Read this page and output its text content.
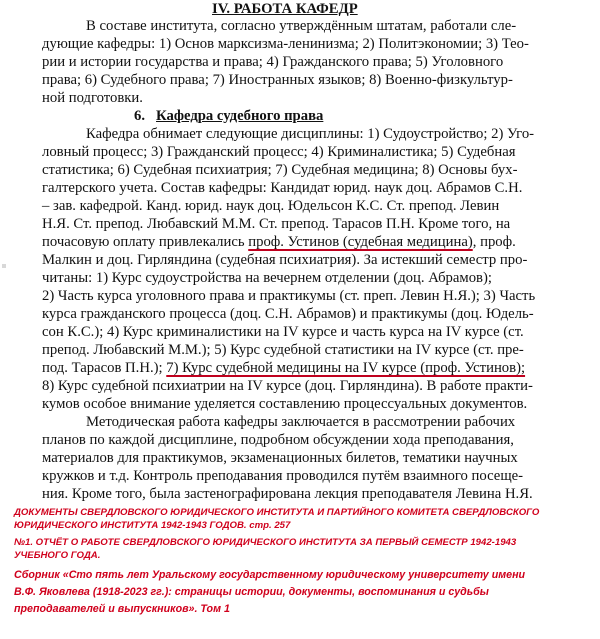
IV. РАБОТА КАФЕДР
В составе института, согласно утверждённым штатам, работали сле-
дующие кафедры: 1) Основ марксизма-ленинизма; 2) Политэкономии; 3) Тео-
рии и истории государства и права; 4) Гражданского права; 5) Уголовного
права; 6) Судебного права; 7) Иностранных языков; 8) Военно-физкультур-
ной подготовки.
6. Кафедра судебного права
Кафедра обнимает следующие дисциплины: 1) Судоустройство; 2) Уго-
ловный процесс; 3) Гражданский процесс; 4) Криминалистика; 5) Судебная
статистика; 6) Судебная психиатрия; 7) Судебная медицина; 8) Основы бух-
галтерского учета. Состав кафедры: Кандидат юрид. наук доц. Абрамов С.Н.
– зав. кафедрой. Канд. юрид. наук доц. Юдельсон К.С. Ст. препод. Левин
Н.Я. Ст. препод. Любавский М.М. Ст. препод. Тарасов П.Н. Кроме того, на
почасовую оплату привлекались проф. Устинов (судебная медицина), проф.
Малкин и доц. Гирляндина (судебная психиатрия). За истекший семестр про-
читаны: 1) Курс судоустройства на вечернем отделении (доц. Абрамов);
2) Часть курса уголовного права и практикумы (ст. преп. Левин Н.Я.); 3) Часть
курса гражданского процесса (доц. С.Н. Абрамов) и практикумы (доц. Юдель-
сон К.С.); 4) Курс криминалистики на IV курсе и часть курса на IV курсе (ст.
препод. Любавский М.М.); 5) Курс судебной статистики на IV курсе (ст. пре-
под. Тарасов П.Н.); 7) Курс судебной медицины на IV курсе (проф. Устинов);
8) Курс судебной психиатрии на IV курсе (доц. Гирляндина). В работе практи-
кумов особое внимание уделяется составлению процессуальных документов.
Методическая работа кафедры заключается в рассмотрении рабочих
планов по каждой дисциплине, подробном обсуждении хода преподавания,
материалов для практикумов, экзаменационных билетов, тематики научных
кружков и т.д. Контроль преподавания проводился путём взаимного посеще-
ния. Кроме того, была застенографирована лекция преподавателя Левина Н.Я.
ДОКУМЕНТЫ СВЕРДЛОВСКОГО ЮРИДИЧЕСКОГО ИНСТИТУТА И ПАРТИЙНОГО КОМИТЕТА СВЕРДЛОВСКОГО
ЮРИДИЧЕСКОГО ИНСТИТУТА 1942-1943 ГОДОВ. стр. 257
№1. ОТЧЁТ О РАБОТЕ СВЕРДЛОВСКОГО ЮРИДИЧЕСКОГО ИНСТИТУТА ЗА ПЕРВЫЙ СЕМЕСТР 1942-1943
УЧЕБНОГО ГОДА.
Сборник «Сто пять лет Уральскому государственному юридическому университету имени
В.Ф. Яковлева (1918-2023 гг.): страницы истории, документы, воспоминания и судьбы
преподавателей и выпускников». Том 1
